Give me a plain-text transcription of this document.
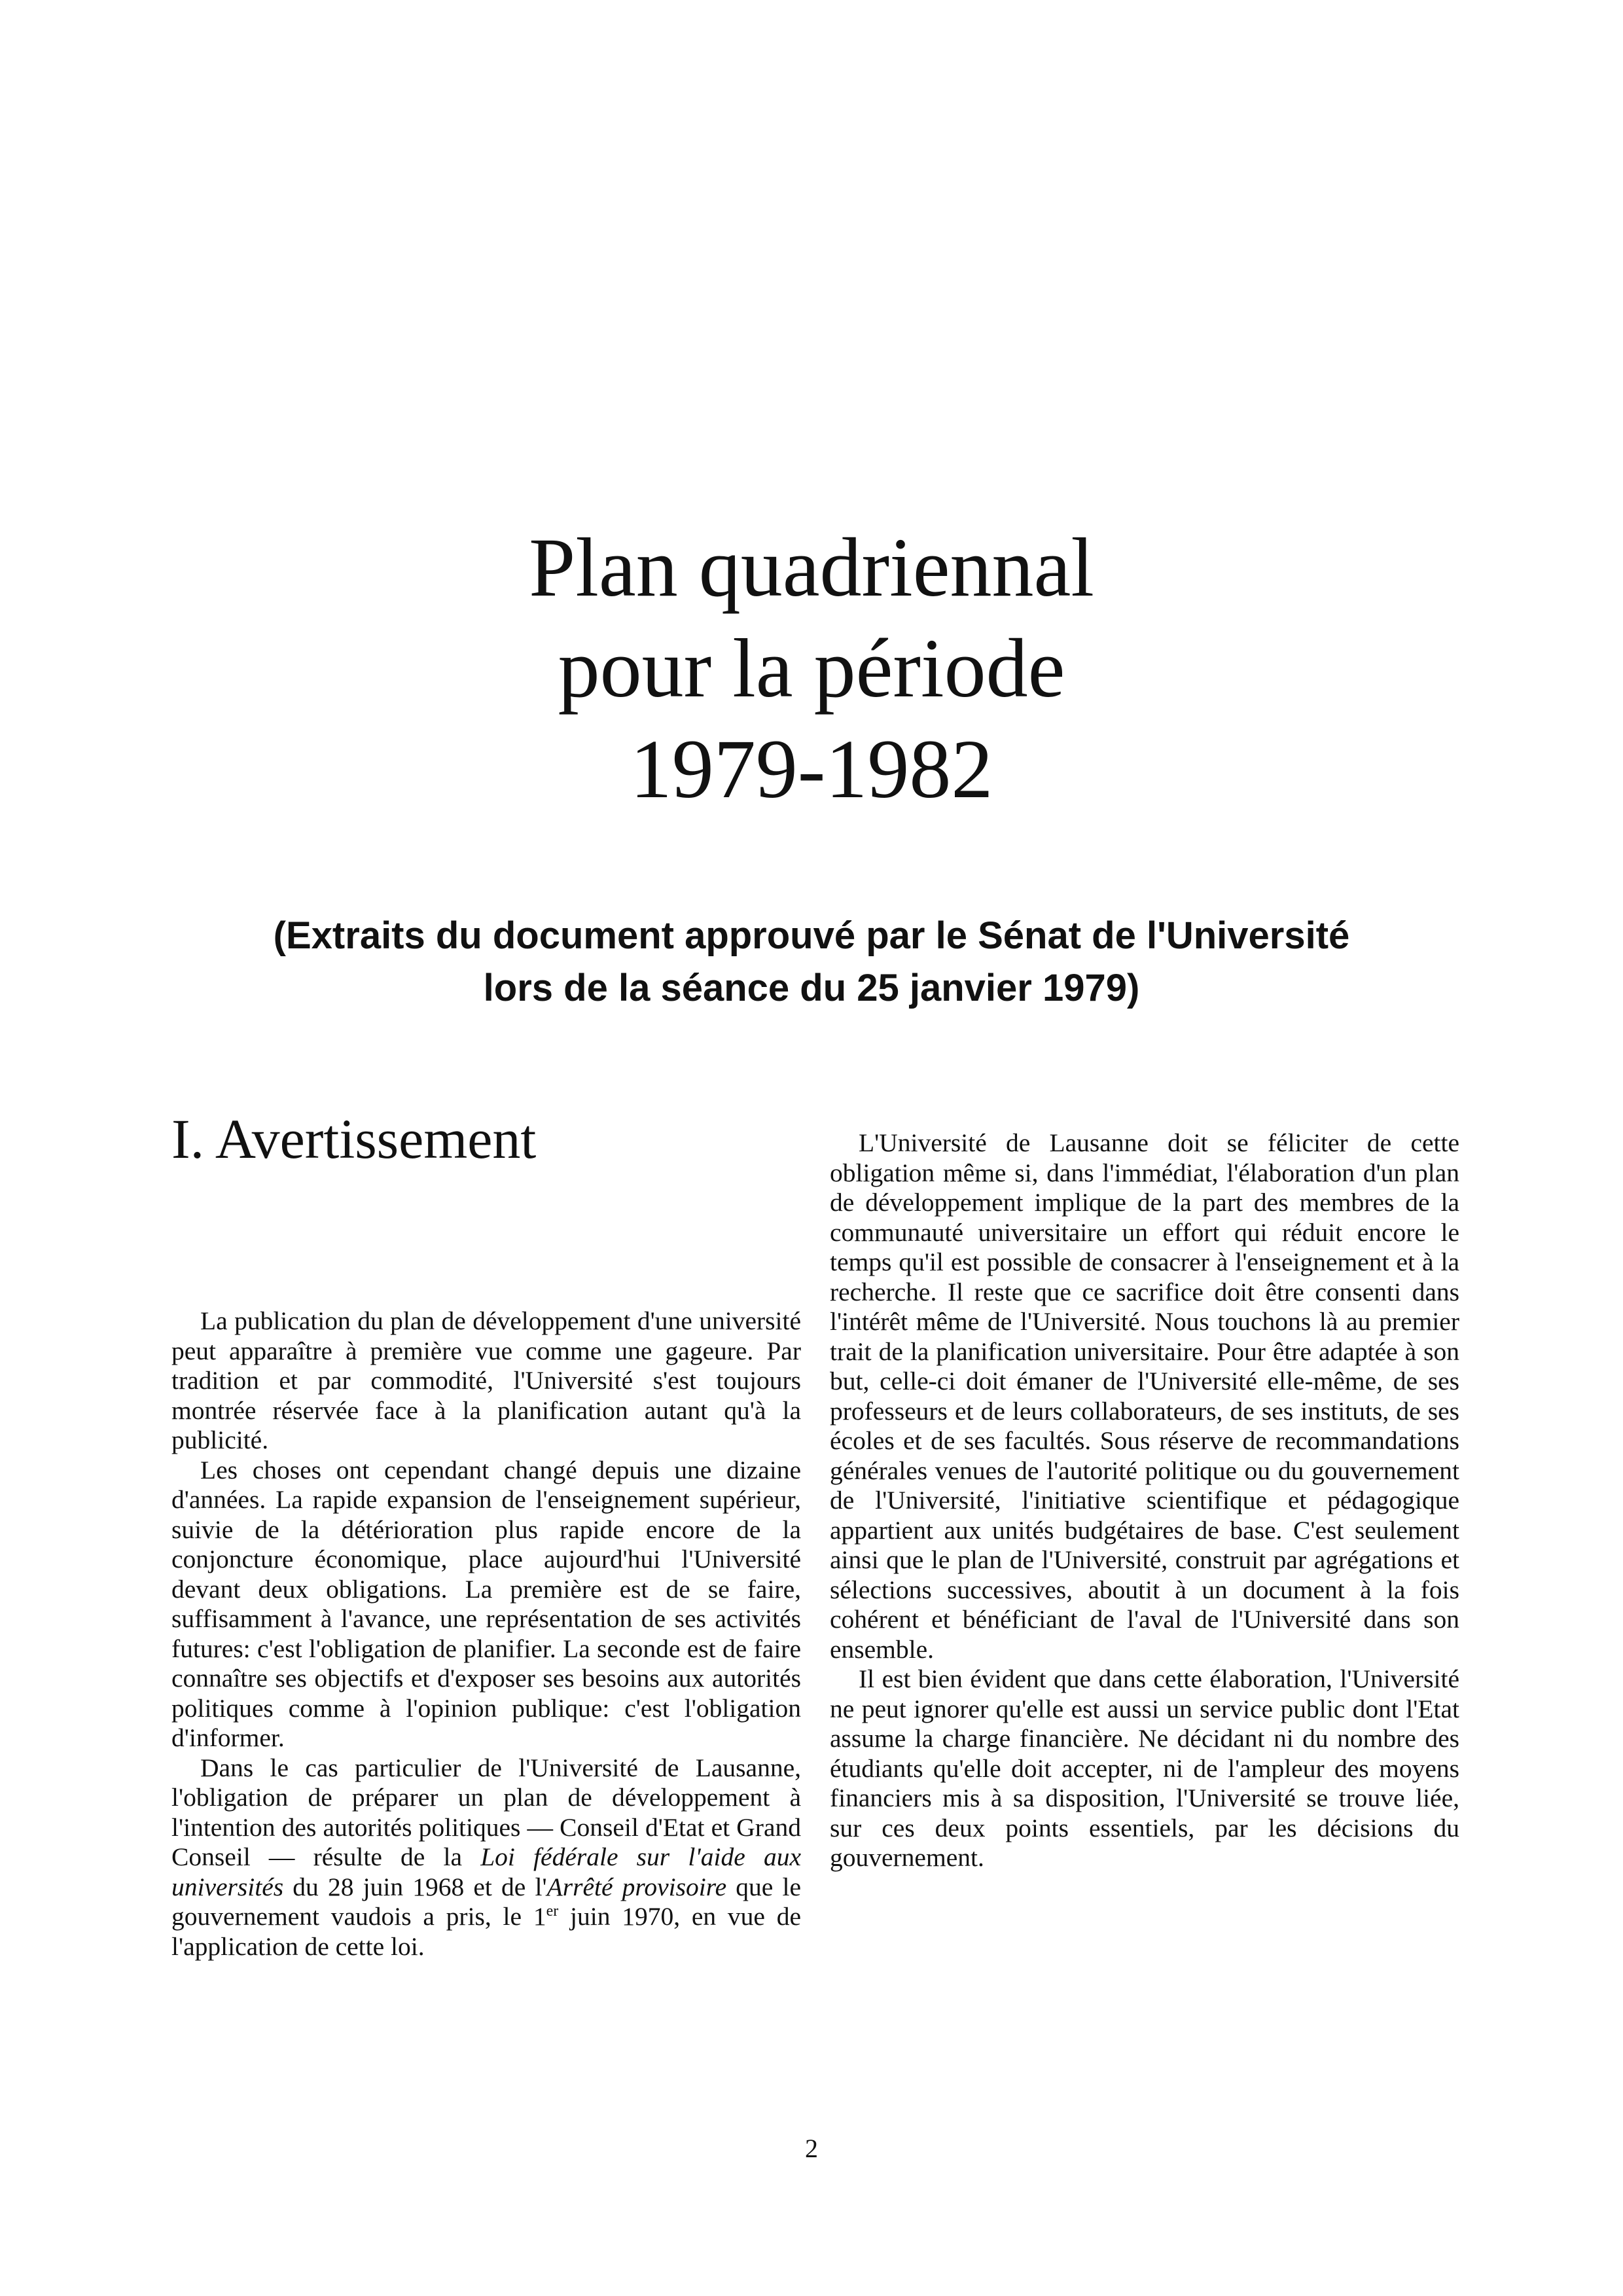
Plan quadriennal
pour la période
1979-1982
(Extraits du document approuvé par le Sénat de l'Université
lors de la séance du 25 janvier 1979)
I. Avertissement

La publication du plan de développement d'une université peut apparaître à première vue comme une gageure. Par tradition et par commodité, l'Université s'est toujours montrée réservée face à la planification autant qu'à la publicité.

Les choses ont cependant changé depuis une dizaine d'années. La rapide expansion de l'enseignement supérieur, suivie de la détérioration plus rapide encore de la conjoncture économique, place aujourd'hui l'Université devant deux obligations. La première est de se faire, suffisamment à l'avance, une représentation de ses activités futures: c'est l'obligation de planifier. La seconde est de faire connaître ses objectifs et d'exposer ses besoins aux autorités politiques comme à l'opinion publique: c'est l'obligation d'informer.

Dans le cas particulier de l'Université de Lausanne, l'obligation de préparer un plan de développement à l'intention des autorités politiques — Conseil d'Etat et Grand Conseil — résulte de la Loi fédérale sur l'aide aux universités du 28 juin 1968 et de l'Arrêté provisoire que le gouvernement vaudois a pris, le 1er juin 1970, en vue de l'application de cette loi.

L'Université de Lausanne doit se féliciter de cette obligation même si, dans l'immédiat, l'élaboration d'un plan de développement implique de la part des membres de la communauté universitaire un effort qui réduit encore le temps qu'il est possible de consacrer à l'enseignement et à la recherche. Il reste que ce sacrifice doit être consenti dans l'intérêt même de l'Université. Nous touchons là au premier trait de la planification universitaire. Pour être adaptée à son but, celle-ci doit émaner de l'Université elle-même, de ses professeurs et de leurs collaborateurs, de ses instituts, de ses écoles et de ses facultés. Sous réserve de recommandations générales venues de l'autorité politique ou du gouvernement de l'Université, l'initiative scientifique et pédagogique appartient aux unités budgétaires de base. C'est seulement ainsi que le plan de l'Université, construit par agrégations et sélections successives, aboutit à un document à la fois cohérent et bénéficiant de l'aval de l'Université dans son ensemble.

Il est bien évident que dans cette élaboration, l'Université ne peut ignorer qu'elle est aussi un service public dont l'Etat assume la charge financière. Ne décidant ni du nombre des étudiants qu'elle doit accepter, ni de l'ampleur des moyens financiers mis à sa disposition, l'Université se trouve liée, sur ces deux points essentiels, par les décisions du gouvernement.

2
